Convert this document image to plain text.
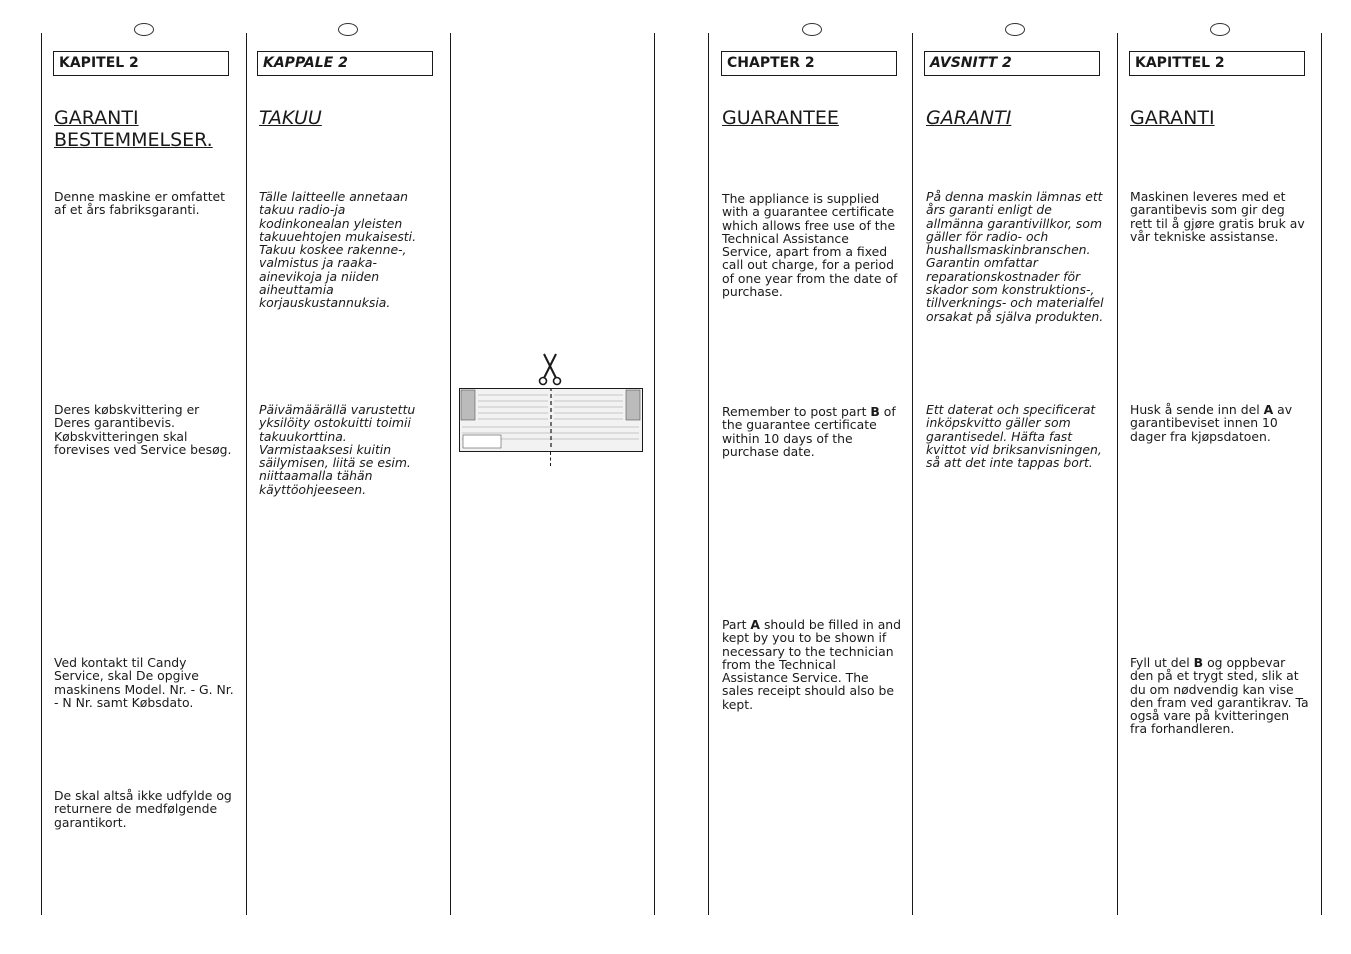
KAPITEL 2
GARANTI
BESTEMMELSER.
Denne maskine er omfattet af et års fabriksgaranti.
Deres købskvittering er Deres garantibevis. Købskvitteringen skal forevises ved Service besøg.
Ved kontakt til Candy Service, skal De opgive maskinens Model. Nr. - G. Nr. - N Nr. samt Købsdato.
De skal altså ikke udfylde og returnere de medfølgende garantikort.
KAPPALE 2
TAKUU
Tälle laitteelle annetaan takuu radio-ja kodinkonealan yleisten takuuehtojen mukaisesti. Takuu koskee rakenne-, valmistus ja raaka-ainevikoja ja niiden aiheuttamia korjauskustannuksia.
Päivämäärällä varustettu yksilöity ostokuitti toimii takuukorttina. Varmistaaksesi kuitin säilymisen, liitä se esim. niittaamalla tähän käyttöohjeeseen.
CHAPTER 2
GUARANTEE
The appliance is supplied with a guarantee certificate which allows free use of the Technical Assistance Service, apart from a fixed call out charge, for a period of one year from the date of purchase.
Remember to post part B of the guarantee certificate within 10 days of the purchase date.
Part A should be filled in and kept by you to be shown if necessary to the technician from the Technical Assistance Service. The sales receipt should also be kept.
AVSNITT 2
GARANTI
På denna maskin lämnas ett års garanti enligt de allmänna garantivillkor, som gäller för radio- och hushallsmaskinbranschen. Garantin omfattar reparationskostnader för skador som konstruktions-, tillverknings- och materialfel orsakat på själva produkten.
Ett daterat och specificerat inköpskvitto gäller som garantisedel. Häfta fast kvittot vid briksanvisningen, så att det inte tappas bort.
KAPITTEL 2
GARANTI
Maskinen leveres med et garantibevis som gir deg rett til å gjøre gratis bruk av vår tekniske assistanse.
Husk å sende inn del A av garantibeviset innen 10 dager fra kjøpsdatoen.
Fyll ut del B og oppbevar den på et trygt sted, slik at du om nødvendig kan vise den fram ved garantikrav. Ta også vare på kvitteringen fra forhandleren.
